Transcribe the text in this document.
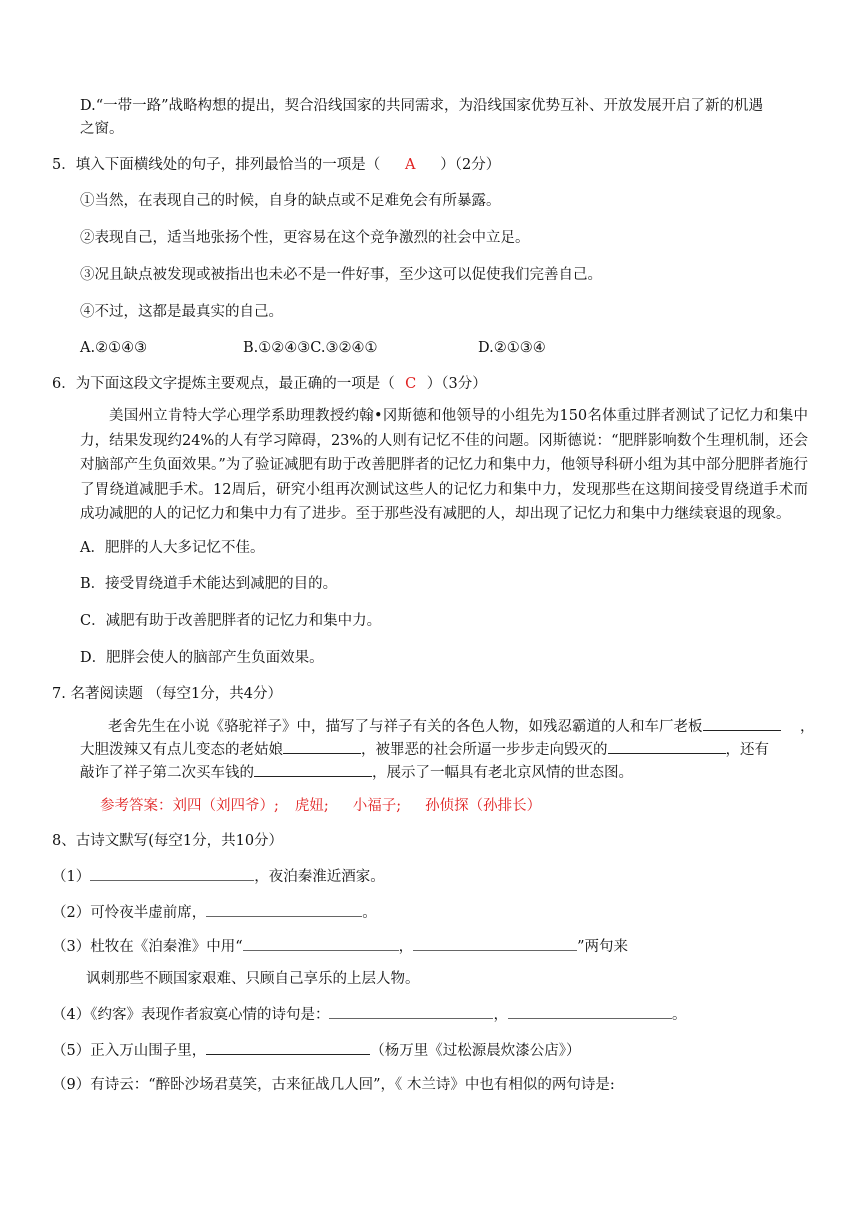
D.“一带一路”战略构想的提出，契合沿线国家的共同需求，为沿线国家优势互补、开放发展开启了新的机遇
之窗。
5．填入下面横线处的句子，排列最恰当的一项是（ A ）（2分）
①当然，在表现自己的时候，自身的缺点或不足难免会有所暴露。
②表现自己，适当地张扬个性，更容易在这个竞争激烈的社会中立足。
③况且缺点被发现或被指出也未必不是一件好事，至少这可以促使我们完善自己。
④不过，这都是最真实的自己。
A.②①④③	B.①②④③C.③②④①	D.②①③④
6．为下面这段文字提炼主要观点，最正确的一项是（ C ）（3分）
美国州立肯特大学心理学系助理教授约翰•冈斯德和他领导的小组先为150名体重过胖者测试了记忆力和集中力，结果发现约24%的人有学习障碍，23%的人则有记忆不佳的问题。冈斯德说：“肥胖影响数个生理机制，还会对脑部产生负面效果。”为了验证减肥有助于改善肥胖者的记忆力和集中力，他领导科研小组为其中部分肥胖者施行了胃绕道减肥手术。12周后，研究小组再次测试这些人的记忆力和集中力，发现那些在这期间接受胃绕道手术而成功减肥的人的记忆力和集中力有了进步。至于那些没有减肥的人，却出现了记忆力和集中力继续衰退的现象。
A．肥胖的人大多记忆不佳。
B．接受胃绕道手术能达到减肥的目的。
C．减肥有助于改善肥胖者的记忆力和集中力。
D．肥胖会使人的脑部产生负面效果。
7. 名著阅读题 （每空1分，共4分）
老舍先生在小说《骆驼祥子》中，描写了与祥子有关的各色人物，如残忍霸道的人和车厂老板	，
大胆泼辣又有点儿变态的老姑娘	，被罪恶的社会所逼一步步走向毁灭的	，还有
敲诈了祥子第二次买车钱的	，展示了一幅具有老北京风情的世态图。
参考答案：刘四（刘四爷）; 虎妞; 小福子; 孙侦探（孙排长）
8、古诗文默写(每空1分，共10分）
（1）	，夜泊秦淮近酒家。
（2）可怜夜半虚前席，	。
（3）杜牧在《泊秦淮》中用“	，	”两句来
讽刺那些不顾国家艰难、只顾自己享乐的上层人物。
（4）《约客》表现作者寂寞心情的诗句是：	，	。
（5）正入万山围子里，	（杨万里《过松源晨炊漆公店》）
（9）有诗云：“醉卧沙场君莫笑，古来征战几人回”，《 木兰诗》中也有相似的两句诗是:
